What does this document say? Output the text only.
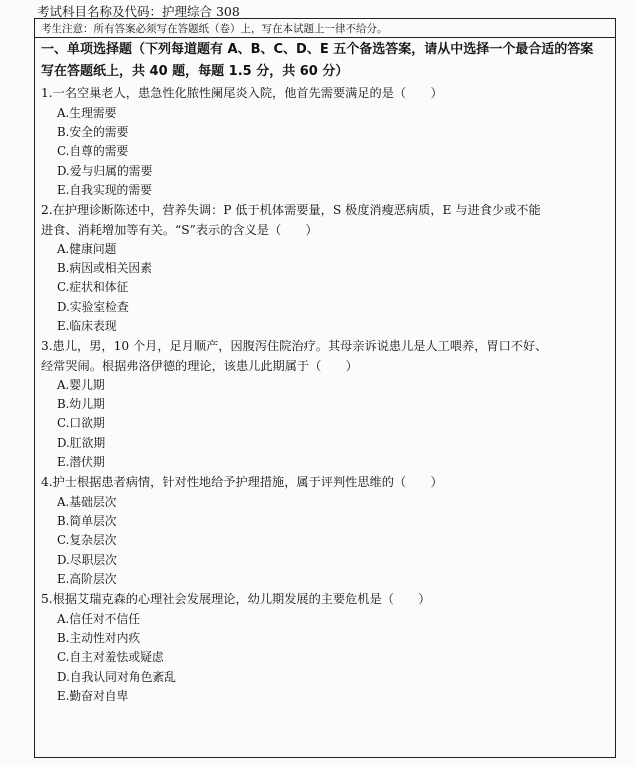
考试科目名称及代码：护理综合 308
考生注意：所有答案必须写在答题纸（卷）上，写在本试题上一律不给分。
一、单项选择题（下列每道题有 A、B、C、D、E 五个备选答案，请从中选择一个最合适的答案
写在答题纸上，共 40 题，每题 1.5 分，共 60 分）
1.一名空巢老人，患急性化脓性阑尾炎入院，他首先需要满足的是（　　）
A.生理需要
B.安全的需要
C.自尊的需要
D.爱与归属的需要
E.自我实现的需要
2.在护理诊断陈述中，营养失调：P 低于机体需要量，S 极度消瘦恶病质，E 与进食少或不能
进食、消耗增加等有关。“S”表示的含义是（　　）
A.健康问题
B.病因或相关因素
C.症状和体征
D.实验室检查
E.临床表现
3.患儿，男，10 个月，足月顺产，因腹泻住院治疗。其母亲诉说患儿是人工喂养，胃口不好、
经常哭闹。根据弗洛伊德的理论，该患儿此期属于（　　）
A.婴儿期
B.幼儿期
C.口欲期
D.肛欲期
E.潜伏期
4.护士根据患者病情，针对性地给予护理措施，属于评判性思维的（　　）
A.基础层次
B.简单层次
C.复杂层次
D.尽职层次
E.高阶层次
5.根据艾瑞克森的心理社会发展理论，幼儿期发展的主要危机是（　　）
A.信任对不信任
B.主动性对内疚
C.自主对羞怯或疑虑
D.自我认同对角色紊乱
E.勤奋对自卑
